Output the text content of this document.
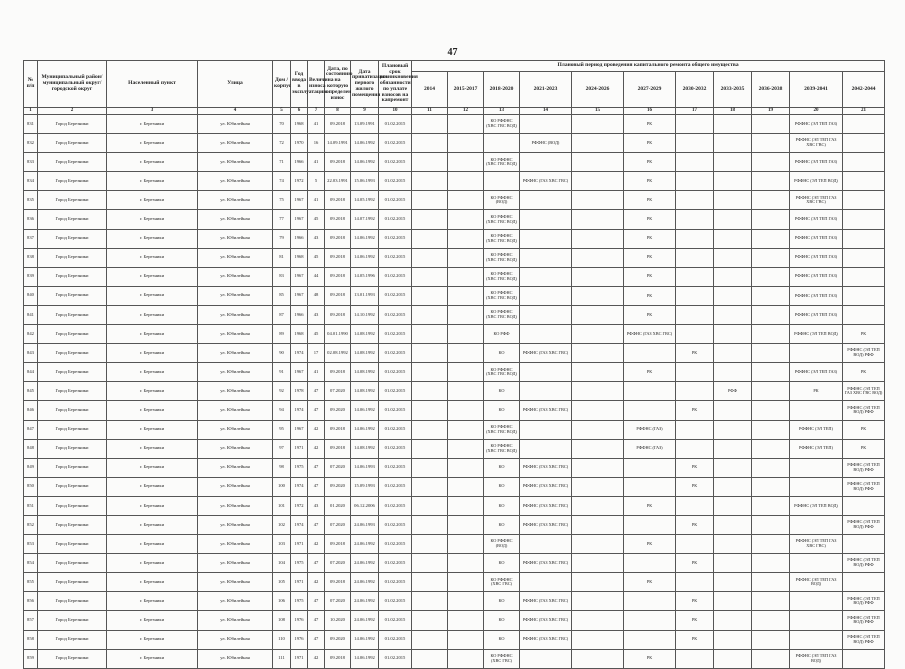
47
№ п/п	Муниципальный район/ муниципальный округ/городской округ	Населенный пункт	Улица	Дом / корпус	Год ввода в эксплуатацию	Величина износа	Дата, по состоянию на которую определен износ	Дата приватизации первого жилого помещения	Плановый срок возникновения обязанности по уплате взносов на капремонт	Плановый период проведения капитального ремонта общего имущества										
										2014	2015-2017	2018-2020	2021-2023	2024-2026	2027-2029	2030-2032	2033-2035	2036-2038	2039-2041	2042-2044
1	2	3	4	5	6	7	8	9	10	11	12	13	14	15	16	17	18	19	20	21
831	Город Березники	г. Березники	ул. Юбилейная	70	1968	41	09.2018	13.09.1991	01.02.2015			КО РФФНС (ХВС ГВС ВОД)			РК				РФФНС (ЭЛ ТЕП ГАЗ)	
832	Город Березники	г. Березники	ул. Юбилейная	72	1970	16	14.09.1991	14.06.1992	01.02.2015				РФФНС (ВОД)		РК				РФФНС (ЭЛ ТЕП ГАЗ ХВС ГВС)	
833	Город Березники	г. Березники	ул. Юбилейная	71	1966	41	09.2018	14.06.1992	01.02.2015			КО РФФНС (ХВС ГВС ВОД)			РК				РФФНС (ЭЛ ТЕП ГАЗ)	
834	Город Березники	г. Березники	ул. Юбилейная	74	1972	5	22.03.1991	15.06.1993	01.02.2015				РФФНС (ГАЗ ХВС ГВС)		РК				РФФНС (ЭЛ ТЕП ВОД)	
835	Город Березники	г. Березники	ул. Юбилейная	75	1967	41	09.2018	14.05.1992	01.02.2015			КО РФФНС (ВОД)			РК				РФФНС (ЭЛ ТЕП ГАЗ ХВС ГВС)	
836	Город Березники	г. Березники	ул. Юбилейная	77	1967	45	09.2018	14.07.1992	01.02.2015			КО РФФНС (ХВС ГВС ВОД)			РК				РФФНС (ЭЛ ТЕП ГАЗ)	
837	Город Березники	г. Березники	ул. Юбилейная	79	1966	43	09.2018	14.06.1992	01.02.2015			КО РФФНС (ХВС ГВС ВОД)			РК				РФФНС (ЭЛ ТЕП ГАЗ)	
838	Город Березники	г. Березники	ул. Юбилейная	81	1968	45	09.2018	14.06.1992	01.02.2015			КО РФФНС (ХВС ГВС ВОД)			РК				РФФНС (ЭЛ ТЕП ГАЗ)	
839	Город Березники	г. Березники	ул. Юбилейная	83	1967	44	09.2018	14.05.1996	01.02.2015			КО РФФНС (ХВС ГВС ВОД)			РК				РФФНС (ЭЛ ТЕП ГАЗ)	
840	Город Березники	г. Березники	ул. Юбилейная	85	1967	48	09.2018	13.01.1993	01.02.2015			КО РФФНС (ХВС ГВС ВОД)			РК				РФФНС (ЭЛ ТЕП ГАЗ)	
841	Город Березники	г. Березники	ул. Юбилейная	87	1966	43	09.2018	14.10.1992	01.02.2015			КО РФФНС (ХВС ГВС ВОД)			РК				РФФНС (ЭЛ ТЕП ГАЗ)	
842	Город Березники	г. Березники	ул. Юбилейная	89	1968	45	04.01.1990	14.08.1992	01.02.2015			КО РФФ			РФФНС (ГАЗ ХВС ГВС)				РФФНС (ЭЛ ТЕП ВОД)	РК
843	Город Березники	г. Березники	ул. Юбилейная	90	1974	17	02.08.1992	14.08.1992	01.02.2015			КО	РФФНС (ГАЗ ХВС ГВС)			РК				РФФНС (ЭЛ ТЕП ВОД) РФФ
844	Город Березники	г. Березники	ул. Юбилейная	91	1967	41	09.2018	14.08.1992	01.02.2015			КО РФФНС (ХВС ГВС ВОД)			РК				РФФНС (ЭЛ ТЕП ГАЗ)	РК
845	Город Березники	г. Березники	ул. Юбилейная	92	1978	47	07.2020	14.08.1992	01.02.2015			КО					РФФ		РК	РФФНС (ЭЛ ТЕП ГАЗ ХВС ГВС ВОД)
846	Город Березники	г. Березники	ул. Юбилейная	94	1974	47	09.2020	14.06.1992	01.02.2015			КО	РФФНС (ГАЗ ХВС ГВС)			РК				РФФНС (ЭЛ ТЕП ВОД) РФФ
847	Город Березники	г. Березники	ул. Юбилейная	95	1967	42	09.2018	14.06.1992	01.02.2015			КО РФФНС (ХВС ГВС ВОД)			РФФНС (ГАЗ)				РФФНС (ЭЛ ТЕП)	РК
848	Город Березники	г. Березники	ул. Юбилейная	97	1971	42	09.2018	14.08.1992	01.02.2015			КО РФФНС (ХВС ГВС ВОД)			РФФНС (ГАЗ)				РФФНС (ЭЛ ТЕП)	РК
849	Город Березники	г. Березники	ул. Юбилейная	98	1975	47	07.2020	14.06.1993	01.02.2015			КО	РФФНС (ГАЗ ХВС ГВС)			РК				РФФНС (ЭЛ ТЕП ВОД) РФФ
850	Город Березники	г. Березники	ул. Юбилейная	100	1974	47	09.2020	15.09.1993	01.02.2015			КО	РФФНС (ГАЗ ХВС ГВС)			РК				РФФНС (ЭЛ ТЕП ВОД) РФФ
851	Город Березники	г. Березники	ул. Юбилейная	101	1972	43	01.2020	06.12.2006	01.02.2015			КО	РФФНС (ГАЗ ХВС ГВС)		РК				РФФНС (ЭЛ ТЕП ВОД)	
852	Город Березники	г. Березники	ул. Юбилейная	102	1974	47	07.2020	24.06.1993	01.02.2015			КО	РФФНС (ГАЗ ХВС ГВС)			РК				РФФНС (ЭЛ ТЕП ВОД) РФФ
853	Город Березники	г. Березники	ул. Юбилейная	103	1971	42	09.2018	24.06.1992	01.02.2015			КО РФФНС (ВОД)			РК				РФФНС (ЭЛ ТЕП ГАЗ ХВС ГВС)	
854	Город Березники	г. Березники	ул. Юбилейная	104	1975	47	07.2020	24.06.1992	01.02.2015			КО	РФФНС (ГАЗ ХВС ГВС)			РК				РФФНС (ЭЛ ТЕП ВОД) РФФ
855	Город Березники	г. Березники	ул. Юбилейная	105	1971	42	09.2018	24.06.1992	01.02.2015			КО РФФНС (ХВС ГВС)			РК				РФФНС (ЭЛ ТЕП ГАЗ ВОД)	
856	Город Березники	г. Березники	ул. Юбилейная	106	1975	47	07.2020	24.06.1992	01.02.2015			КО	РФФНС (ГАЗ ХВС ГВС)			РК				РФФНС (ЭЛ ТЕП ВОД) РФФ
857	Город Березники	г. Березники	ул. Юбилейная	108	1976	47	10.2020	24.06.1992	01.02.2015			КО	РФФНС (ГАЗ ХВС ГВС)			РК				РФФНС (ЭЛ ТЕП ВОД) РФФ
858	Город Березники	г. Березники	ул. Юбилейная	110	1976	47	09.2020	14.06.1992	01.02.2015			КО	РФФНС (ГАЗ ХВС ГВС)			РК				РФФНС (ЭЛ ТЕП ВОД) РФФ
859	Город Березники	г. Березники	ул. Юбилейная	111	1971	42	09.2018	14.06.1992	01.02.2015			КО РФФНС (ХВС ГВС)			РК				РФФНС (ЭЛ ТЕП ГАЗ ВОД)	
